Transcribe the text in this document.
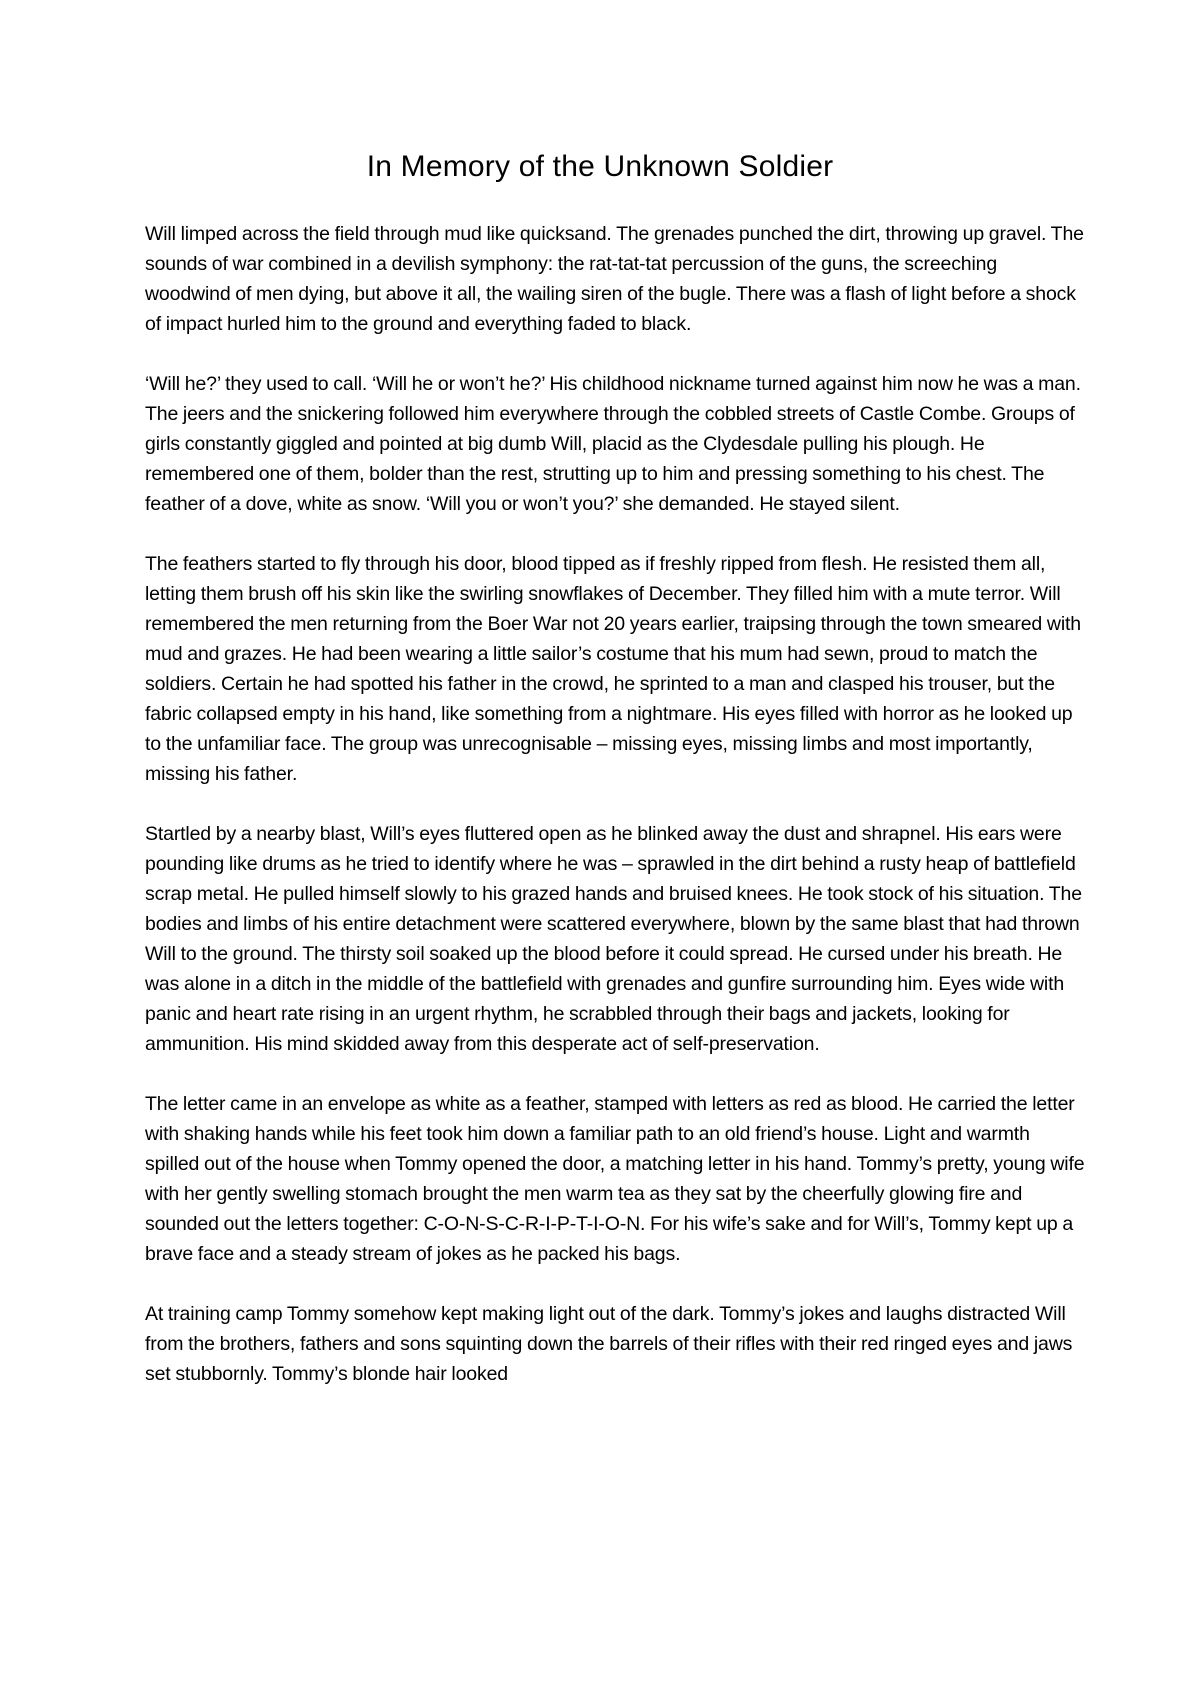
In Memory of the Unknown Soldier

Will limped across the field through mud like quicksand. The grenades punched the dirt, throwing up gravel. The sounds of war combined in a devilish symphony: the rat-tat-tat percussion of the guns, the screeching woodwind of men dying, but above it all, the wailing siren of the bugle. There was a flash of light before a shock of impact hurled him to the ground and everything faded to black.

‘Will he?’ they used to call. ‘Will he or won’t he?’ His childhood nickname turned against him now he was a man. The jeers and the snickering followed him everywhere through the cobbled streets of Castle Combe. Groups of girls constantly giggled and pointed at big dumb Will, placid as the Clydesdale pulling his plough. He remembered one of them, bolder than the rest, strutting up to him and pressing something to his chest. The feather of a dove, white as snow. ‘Will you or won’t you?’ she demanded. He stayed silent.

The feathers started to fly through his door, blood tipped as if freshly ripped from flesh. He resisted them all, letting them brush off his skin like the swirling snowflakes of December. They filled him with a mute terror. Will remembered the men returning from the Boer War not 20 years earlier, traipsing through the town smeared with mud and grazes. He had been wearing a little sailor’s costume that his mum had sewn, proud to match the soldiers. Certain he had spotted his father in the crowd, he sprinted to a man and clasped his trouser, but the fabric collapsed empty in his hand, like something from a nightmare. His eyes filled with horror as he looked up to the unfamiliar face. The group was unrecognisable – missing eyes, missing limbs and most importantly, missing his father.

Startled by a nearby blast, Will’s eyes fluttered open as he blinked away the dust and shrapnel. His ears were pounding like drums as he tried to identify where he was – sprawled in the dirt behind a rusty heap of battlefield scrap metal. He pulled himself slowly to his grazed hands and bruised knees. He took stock of his situation. The bodies and limbs of his entire detachment were scattered everywhere, blown by the same blast that had thrown Will to the ground. The thirsty soil soaked up the blood before it could spread. He cursed under his breath. He was alone in a ditch in the middle of the battlefield with grenades and gunfire surrounding him. Eyes wide with panic and heart rate rising in an urgent rhythm, he scrabbled through their bags and jackets, looking for ammunition. His mind skidded away from this desperate act of self-preservation.

The letter came in an envelope as white as a feather, stamped with letters as red as blood. He carried the letter with shaking hands while his feet took him down a familiar path to an old friend’s house. Light and warmth spilled out of the house when Tommy opened the door, a matching letter in his hand. Tommy’s pretty, young wife with her gently swelling stomach brought the men warm tea as they sat by the cheerfully glowing fire and sounded out the letters together: C-O-N-S-C-R-I-P-T-I-O-N. For his wife’s sake and for Will’s, Tommy kept up a brave face and a steady stream of jokes as he packed his bags.

At training camp Tommy somehow kept making light out of the dark. Tommy’s jokes and laughs distracted Will from the brothers, fathers and sons squinting down the barrels of their rifles with their red ringed eyes and jaws set stubbornly. Tommy’s blonde hair looked
